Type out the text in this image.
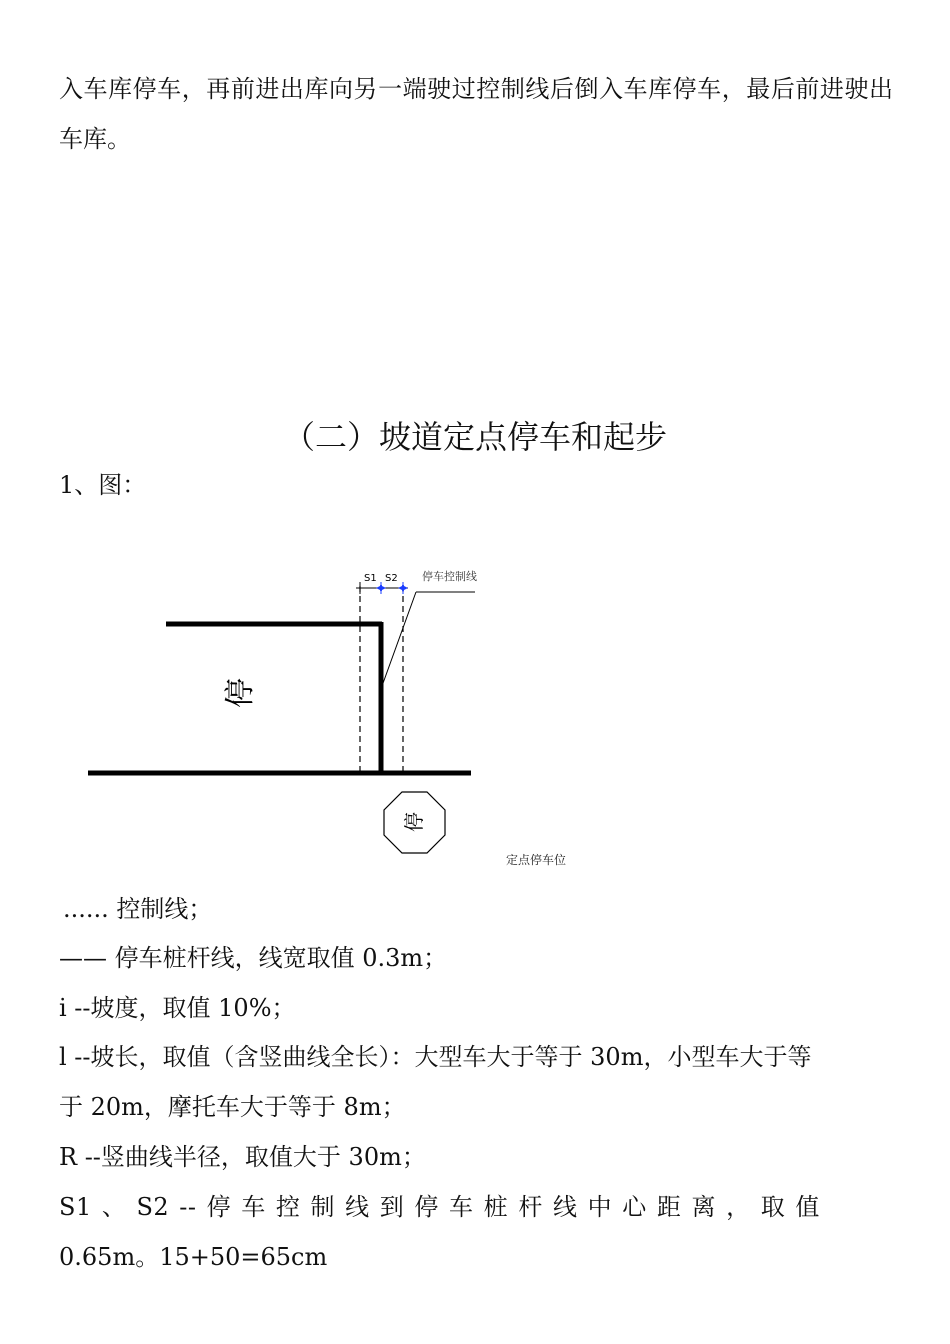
入车库停车，再前进出库向另一端驶过控制线后倒入车库停车，最后前进驶出车库。

（二）坡道定点停车和起步

1、图：

S1 S2 停车控制线
停
停
定点停车位
...... 控制线；
—— 停车桩杆线，线宽取值 0.3m；
i --坡度，取值 10%；
l --坡长，取值（含竖曲线全长）：大型车大于等于 30m，小型车大于等
于 20m，摩托车大于等于 8m；
R --竖曲线半径，取值大于 30m；
S1 、 S2 -- 停 车 控 制 线 到 停 车 桩 杆 线 中 心 距 离 ， 取 值
0.65m。15+50=65cm
